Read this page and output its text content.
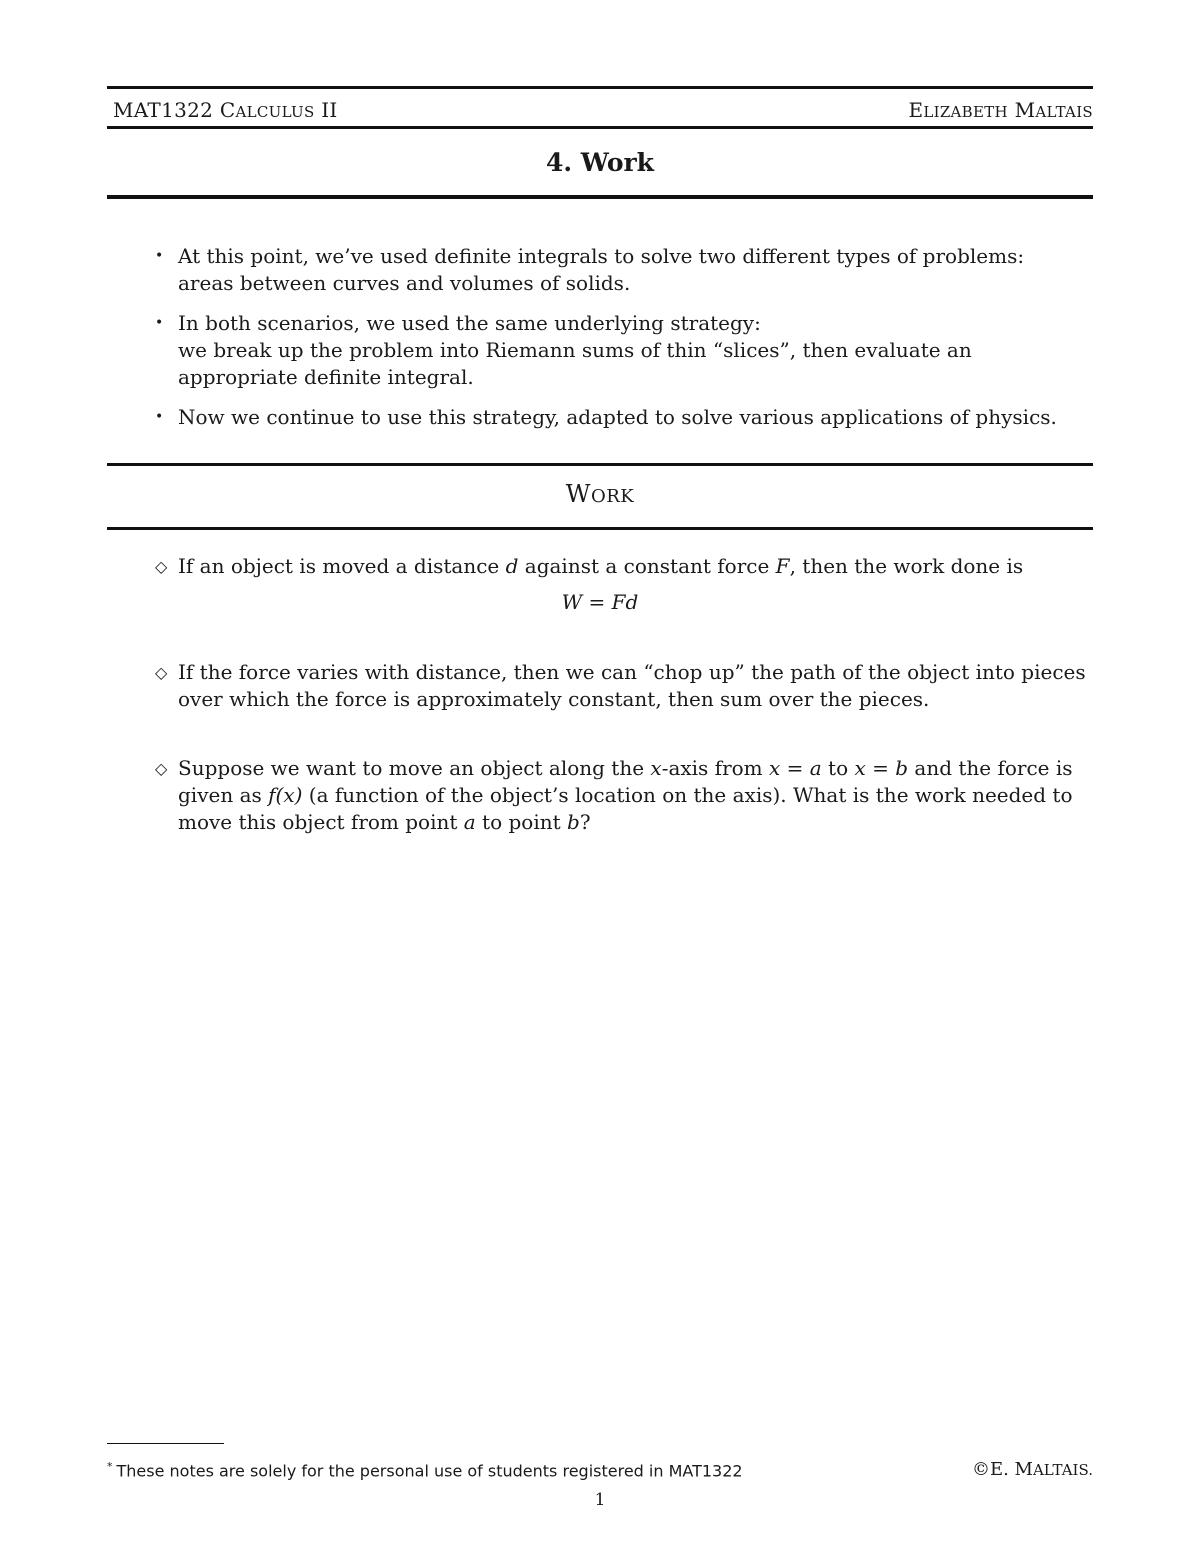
MAT1322 CALCULUS II	ELIZABETH MALTAIS
4. Work
• At this point, we’ve used definite integrals to solve two different types of problems:
areas between curves and volumes of solids.
• In both scenarios, we used the same underlying strategy:
we break up the problem into Riemann sums of thin “slices”, then evaluate an
appropriate definite integral.
• Now we continue to use this strategy, adapted to solve various applications of physics.
WORK
◇ If an object is moved a distance d against a constant force F, then the work done is
W = Fd
◇ If the force varies with distance, then we can “chop up” the path of the object into pieces
over which the force is approximately constant, then sum over the pieces.
◇ Suppose we want to move an object along the x-axis from x = a to x = b and the force is
given as f(x) (a function of the object’s location on the axis). What is the work needed to
move this object from point a to point b?
* These notes are solely for the personal use of students registered in MAT1322	©E. MALTAIS.
1
